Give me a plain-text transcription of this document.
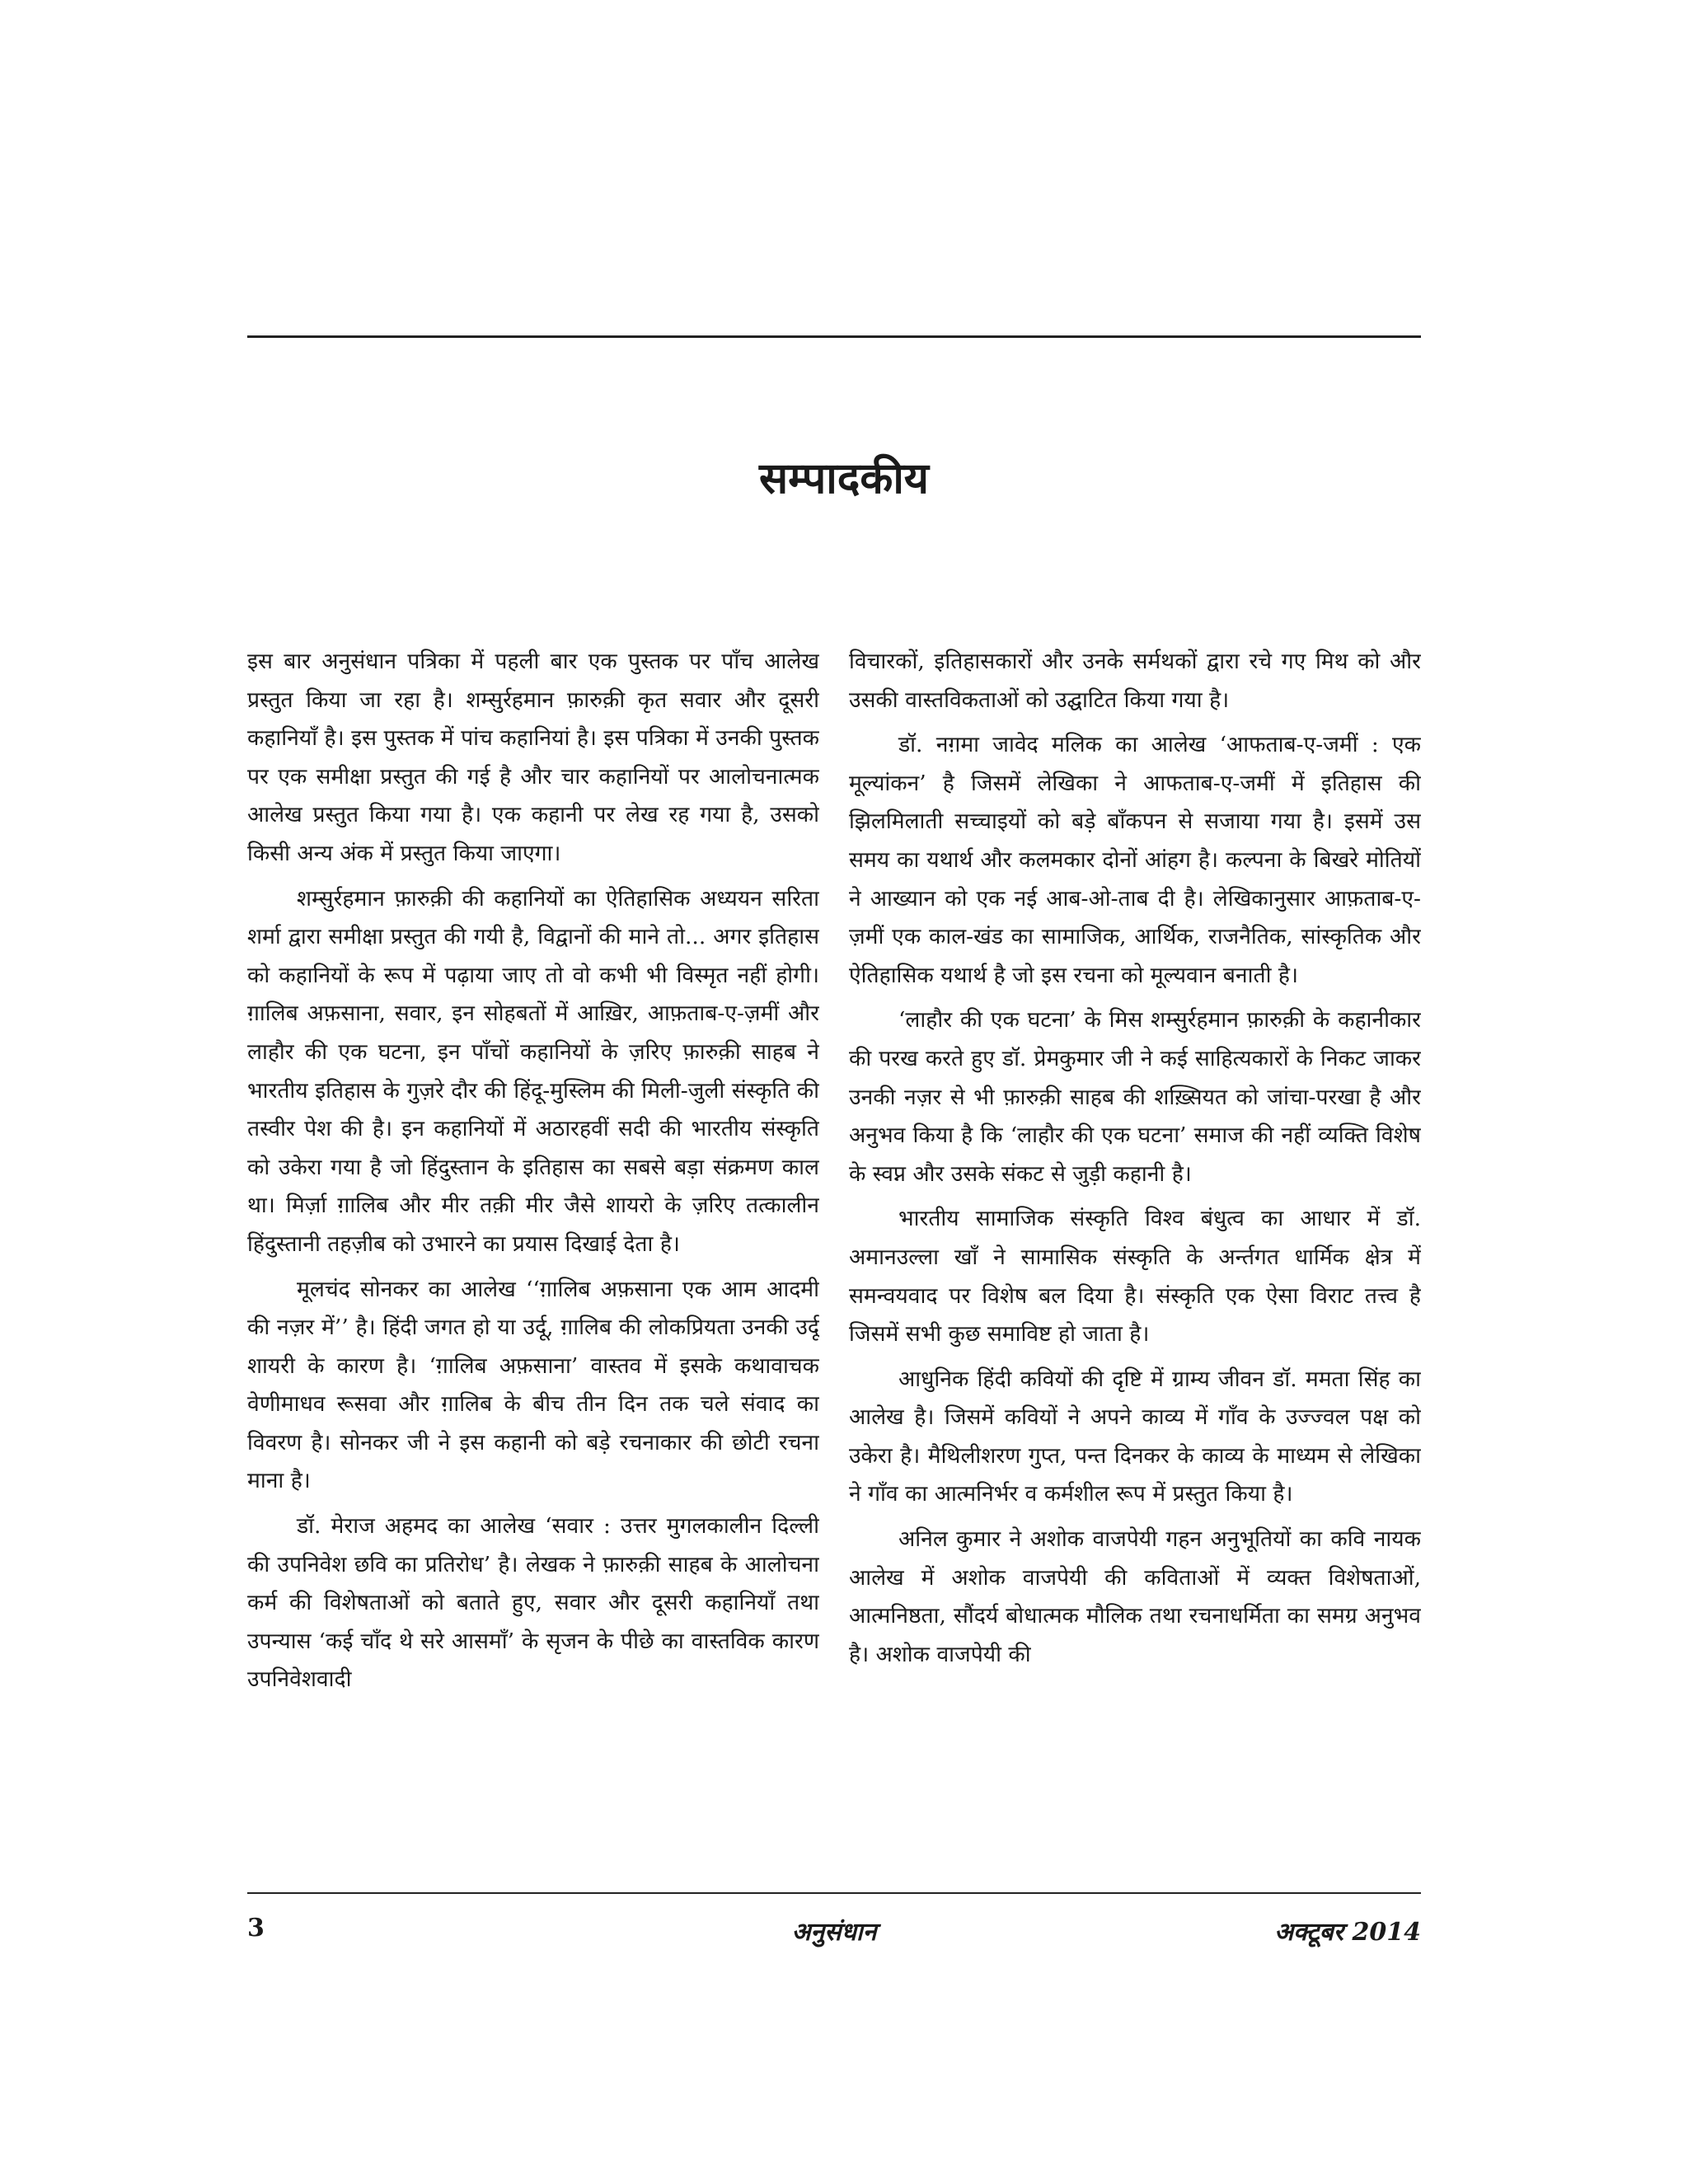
सम्पादकीय

इस बार अनुसंधान पत्रिका में पहली बार एक पुस्तक पर पाँच आलेख प्रस्तुत किया जा रहा है। शम्सुर्रहमान फ़ारुक़ी कृत सवार और दूसरी कहानियाँ है। इस पुस्तक में पांच कहानियां है। इस पत्रिका में उनकी पुस्तक पर एक समीक्षा प्रस्तुत की गई है और चार कहानियों पर आलोचनात्मक आलेख प्रस्तुत किया गया है। एक कहानी पर लेख रह गया है, उसको किसी अन्य अंक में प्रस्तुत किया जाएगा।

शम्सुर्रहमान फ़ारुक़ी की कहानियों का ऐतिहासिक अध्ययन सरिता शर्मा द्वारा समीक्षा प्रस्तुत की गयी है, विद्वानों की माने तो... अगर इतिहास को कहानियों के रूप में पढ़ाया जाए तो वो कभी भी विस्मृत नहीं होगी। ग़ालिब अफ़साना, सवार, इन सोहबतों में आख़िर, आफ़ताब-ए-ज़मीं और लाहौर की एक घटना, इन पाँचों कहानियों के ज़रिए फ़ारुक़ी साहब ने भारतीय इतिहास के गुज़रे दौर की हिंदू-मुस्लिम की मिली-जुली संस्कृति की तस्वीर पेश की है। इन कहानियों में अठारहवीं सदी की भारतीय संस्कृति को उकेरा गया है जो हिंदुस्तान के इतिहास का सबसे बड़ा संक्रमण काल था। मिर्ज़ा ग़ालिब और मीर तक़ी मीर जैसे शायरो के ज़रिए तत्कालीन हिंदुस्तानी तहज़ीब को उभारने का प्रयास दिखाई देता है।

मूलचंद सोनकर का आलेख ‘‘ग़ालिब अफ़साना एक आम आदमी की नज़र में’’ है। हिंदी जगत हो या उर्दू, ग़ालिब की लोकप्रियता उनकी उर्दू शायरी के कारण है। ‘ग़ालिब अफ़साना’ वास्तव में इसके कथावाचक वेणीमाधव रूसवा और ग़ालिब के बीच तीन दिन तक चले संवाद का विवरण है। सोनकर जी ने इस कहानी को बड़े रचनाकार की छोटी रचना माना है।

डॉ. मेराज अहमद का आलेख ‘सवार : उत्तर मुगलकालीन दिल्ली की उपनिवेश छवि का प्रतिरोध’ है। लेखक ने फ़ारुक़ी साहब के आलोचना कर्म की विशेषताओं को बताते हुए, सवार और दूसरी कहानियाँ तथा उपन्यास ‘कई चाँद थे सरे आसमाँ’ के सृजन के पीछे का वास्तविक कारण उपनिवेशवादी

विचारकों, इतिहासकारों और उनके सर्मथकों द्वारा रचे गए मिथ को और उसकी वास्तविकताओं को उद्घाटित किया गया है।

डॉ. नग़मा जावेद मलिक का आलेख ‘आफताब-ए-जमीं : एक मूल्यांकन’ है जिसमें लेखिका ने आफताब-ए-जमीं में इतिहास की झिलमिलाती सच्चाइयों को बड़े बाँकपन से सजाया गया है। इसमें उस समय का यथार्थ और कलमकार दोनों आंहग है। कल्पना के बिखरे मोतियों ने आख्यान को एक नई आब-ओ-ताब दी है। लेखिकानुसार आफ़ताब-ए-ज़मीं एक काल-खंड का सामाजिक, आर्थिक, राजनैतिक, सांस्कृतिक और ऐतिहासिक यथार्थ है जो इस रचना को मूल्यवान बनाती है।

‘लाहौर की एक घटना’ के मिस शम्सुर्रहमान फ़ारुक़ी के कहानीकार की परख करते हुए डॉ. प्रेमकुमार जी ने कई साहित्यकारों के निकट जाकर उनकी नज़र से भी फ़ारुक़ी साहब की शख़्सियत को जांचा-परखा है और अनुभव किया है कि ‘लाहौर की एक घटना’ समाज की नहीं व्यक्ति विशेष के स्वप्न और उसके संकट से जुड़ी कहानी है।

भारतीय सामाजिक संस्कृति विश्व बंधुत्व का आधार में डॉ. अमानउल्ला खाँ ने सामासिक संस्कृति के अर्न्तगत धार्मिक क्षेत्र में समन्वयवाद पर विशेष बल दिया है। संस्कृति एक ऐसा विराट तत्त्व है जिसमें सभी कुछ समाविष्ट हो जाता है।

आधुनिक हिंदी कवियों की दृष्टि में ग्राम्य जीवन डॉ. ममता सिंह का आलेख है। जिसमें कवियों ने अपने काव्य में गाँव के उज्ज्वल पक्ष को उकेरा है। मैथिलीशरण गुप्त, पन्त दिनकर के काव्य के माध्यम से लेखिका ने गाँव का आत्मनिर्भर व कर्मशील रूप में प्रस्तुत किया है।

अनिल कुमार ने अशोक वाजपेयी गहन अनुभूतियों का कवि नायक आलेख में अशोक वाजपेयी की कविताओं में व्यक्त विशेषताओं, आत्मनिष्ठता, सौंदर्य बोधात्मक मौलिक तथा रचनाधर्मिता का समग्र अनुभव है। अशोक वाजपेयी की

3	अनुसंधान	अक्टूबर 2014
